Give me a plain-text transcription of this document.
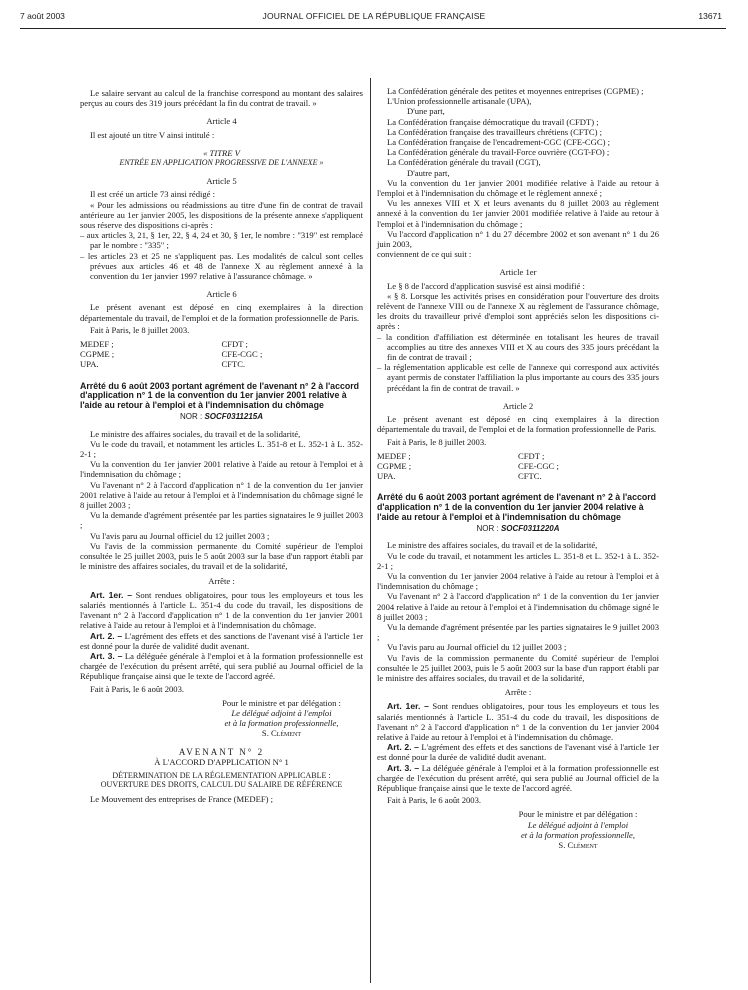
7 août 2003	JOURNAL OFFICIEL DE LA RÉPUBLIQUE FRANÇAISE	13671

Le salaire servant au calcul de la franchise correspond au montant des salaires perçus au cours des 319 jours précédant la fin du contrat de travail. »

Article 4

Il est ajouté un titre V ainsi intitulé :

« TITRE V

ENTRÉE EN APPLICATION PROGRESSIVE DE L'ANNEXE »

Article 5

Il est créé un article 73 ainsi rédigé :

« Pour les admissions ou réadmissions au titre d'une fin de contrat de travail antérieure au 1er janvier 2005, les dispositions de la présente annexe s'appliquent sous réserve des dispositions ci-après :

– aux articles 3, 21, § 1er, 22, § 4, 24 et 30, § 1er, le nombre : "319" est remplacé par le nombre : "335" ;

– les articles 23 et 25 ne s'appliquent pas. Les modalités de calcul sont celles prévues aux articles 46 et 48 de l'annexe X au règlement annexé à la convention du 1er janvier 1997 relative à l'assurance chômage. »

Article 6

Le présent avenant est déposé en cinq exemplaires à la direction départementale du travail, de l'emploi et de la formation professionnelle de Paris.

Fait à Paris, le 8 juillet 2003.

MEDEF ;	CFDT ;
CGPME ;	CFE-CGC ;
UPA.	CFTC.

Arrêté du 6 août 2003 portant agrément de l'avenant n° 2 à l'accord d'application n° 1 de la convention du 1er janvier 2001 relative à l'aide au retour à l'emploi et à l'indemnisation du chômage

NOR : SOCF0311215A

Le ministre des affaires sociales, du travail et de la solidarité,

Vu le code du travail, et notamment les articles L. 351-8 et L. 352-1 à L. 352-2-1 ;

Vu la convention du 1er janvier 2001 relative à l'aide au retour à l'emploi et à l'indemnisation du chômage ;

Vu l'avenant n° 2 à l'accord d'application n° 1 de la convention du 1er janvier 2001 relative à l'aide au retour à l'emploi et à l'indemnisation du chômage signé le 8 juillet 2003 ;

Vu la demande d'agrément présentée par les parties signataires le 9 juillet 2003 ;

Vu l'avis paru au Journal officiel du 12 juillet 2003 ;

Vu l'avis de la commission permanente du Comité supérieur de l'emploi consultée le 25 juillet 2003, puis le 5 août 2003 sur la base d'un rapport établi par le ministre des affaires sociales, du travail et de la solidarité,

Arrête :

Art. 1er. – Sont rendues obligatoires, pour tous les employeurs et tous les salariés mentionnés à l'article L. 351-4 du code du travail, les dispositions de l'avenant n° 2 à l'accord d'application n° 1 de la convention du 1er janvier 2001 relative à l'aide au retour à l'emploi et à l'indemnisation du chômage.

Art. 2. – L'agrément des effets et des sanctions de l'avenant visé à l'article 1er est donné pour la durée de validité dudit avenant.

Art. 3. – La déléguée générale à l'emploi et à la formation professionnelle est chargée de l'exécution du présent arrêté, qui sera publié au Journal officiel de la République française ainsi que le texte de l'accord agréé.

Fait à Paris, le 6 août 2003.

Pour le ministre et par délégation :

Le délégué adjoint à l'emploi

et à la formation professionnelle,

S. Clément

AVENANT N° 2

À L'ACCORD D'APPLICATION N° 1

DÉTERMINATION DE LA RÉGLEMENTATION APPLICABLE :

OUVERTURE DES DROITS, CALCUL DU SALAIRE DE RÉFÉRENCE

Le Mouvement des entreprises de France (MEDEF) ;

La Confédération générale des petites et moyennes entreprises (CGPME) ;

L'Union professionnelle artisanale (UPA),

D'une part,

La Confédération française démocratique du travail (CFDT) ;

La Confédération française des travailleurs chrétiens (CFTC) ;

La Confédération française de l'encadrement-CGC (CFE-CGC) ;

La Confédération générale du travail-Force ouvrière (CGT-FO) ;

La Confédération générale du travail (CGT),

D'autre part,

Vu la convention du 1er janvier 2001 modifiée relative à l'aide au retour à l'emploi et à l'indemnisation du chômage et le règlement annexé ;

Vu les annexes VIII et X et leurs avenants du 8 juillet 2003 au règlement annexé à la convention du 1er janvier 2001 modifiée relative à l'aide au retour à l'emploi et à l'indemnisation du chômage ;

Vu l'accord d'application n° 1 du 27 décembre 2002 et son avenant n° 1 du 26 juin 2003,

conviennent de ce qui suit :

Article 1er

Le § 8 de l'accord d'application susvisé est ainsi modifié :

« § 8. Lorsque les activités prises en considération pour l'ouverture des droits relèvent de l'annexe VIII ou de l'annexe X au règlement de l'assurance chômage, les droits du travailleur privé d'emploi sont appréciés selon les dispositions ci-après :

– la condition d'affiliation est déterminée en totalisant les heures de travail accomplies au titre des annexes VIII et X au cours des 335 jours précédant la fin de contrat de travail ;

– la réglementation applicable est celle de l'annexe qui correspond aux activités ayant permis de constater l'affiliation la plus importante au cours des 335 jours précédant la fin de contrat de travail. »

Article 2

Le présent avenant est déposé en cinq exemplaires à la direction départementale du travail, de l'emploi et de la formation professionnelle de Paris.

Fait à Paris, le 8 juillet 2003.

MEDEF ;	CFDT ;
CGPME ;	CFE-CGC ;
UPA.	CFTC.

Arrêté du 6 août 2003 portant agrément de l'avenant n° 2 à l'accord d'application n° 1 de la convention du 1er janvier 2004 relative à l'aide au retour à l'emploi et à l'indemnisation du chômage

NOR : SOCF0311220A

Le ministre des affaires sociales, du travail et de la solidarité,

Vu le code du travail, et notamment les articles L. 351-8 et L. 352-1 à L. 352-2-1 ;

Vu la convention du 1er janvier 2004 relative à l'aide au retour à l'emploi et à l'indemnisation du chômage ;

Vu l'avenant n° 2 à l'accord d'application n° 1 de la convention du 1er janvier 2004 relative à l'aide au retour à l'emploi et à l'indemnisation du chômage signé le 8 juillet 2003 ;

Vu la demande d'agrément présentée par les parties signataires le 9 juillet 2003 ;

Vu l'avis paru au Journal officiel du 12 juillet 2003 ;

Vu l'avis de la commission permanente du Comité supérieur de l'emploi consultée le 25 juillet 2003, puis le 5 août 2003 sur la base d'un rapport établi par le ministre des affaires sociales, du travail et de la solidarité,

Arrête :

Art. 1er. – Sont rendues obligatoires, pour tous les employeurs et tous les salariés mentionnés à l'article L. 351-4 du code du travail, les dispositions de l'avenant n° 2 à l'accord d'application n° 1 de la convention du 1er janvier 2004 relative à l'aide au retour à l'emploi et à l'indemnisation du chômage.

Art. 2. – L'agrément des effets et des sanctions de l'avenant visé à l'article 1er est donné pour la durée de validité dudit avenant.

Art. 3. – La déléguée générale à l'emploi et à la formation professionnelle est chargée de l'exécution du présent arrêté, qui sera publié au Journal officiel de la République française ainsi que le texte de l'accord agréé.

Fait à Paris, le 6 août 2003.

Pour le ministre et par délégation :

Le délégué adjoint à l'emploi

et à la formation professionnelle,

S. Clément
